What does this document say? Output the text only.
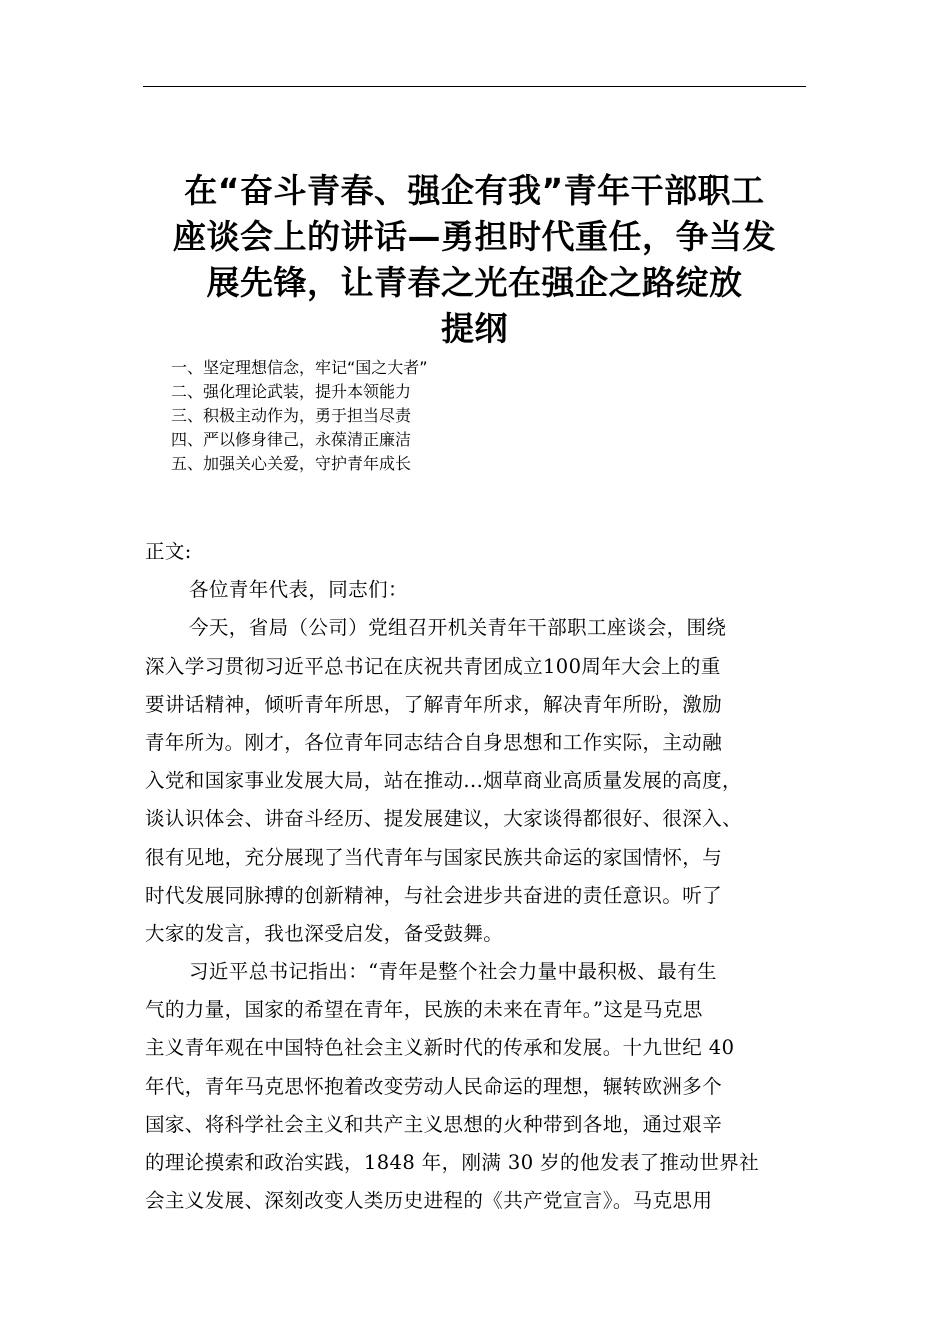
在“奋斗青春、强企有我”青年干部职工
座谈会上的讲话—勇担时代重任，争当发
展先锋，让青春之光在强企之路绽放
提纲
一、坚定理想信念，牢记“国之大者”
二、强化理论武装，提升本领能力
三、积极主动作为，勇于担当尽责
四、严以修身律己，永葆清正廉洁
五、加强关心关爱，守护青年成长
正文:
各位青年代表，同志们：
今天，省局（公司）党组召开机关青年干部职工座谈会，围绕
深入学习贯彻习近平总书记在庆祝共青团成立100周年大会上的重
要讲话精神，倾听青年所思，了解青年所求，解决青年所盼，激励
青年所为。刚才，各位青年同志结合自身思想和工作实际，主动融
入党和国家事业发展大局，站在推动...烟草商业高质量发展的高度，
谈认识体会、讲奋斗经历、提发展建议，大家谈得都很好、很深入、
很有见地，充分展现了当代青年与国家民族共命运的家国情怀，与
时代发展同脉搏的创新精神，与社会进步共奋进的责任意识。听了
大家的发言，我也深受启发，备受鼓舞。
习近平总书记指出：“青年是整个社会力量中最积极、最有生
气的力量，国家的希望在青年，民族的未来在青年。”这是马克思
主义青年观在中国特色社会主义新时代的传承和发展。十九世纪 40
年代，青年马克思怀抱着改变劳动人民命运的理想，辗转欧洲多个
国家、将科学社会主义和共产主义思想的火种带到各地，通过艰辛
的理论摸索和政治实践，1848 年，刚满 30 岁的他发表了推动世界社
会主义发展、深刻改变人类历史进程的《共产党宣言》。马克思用
